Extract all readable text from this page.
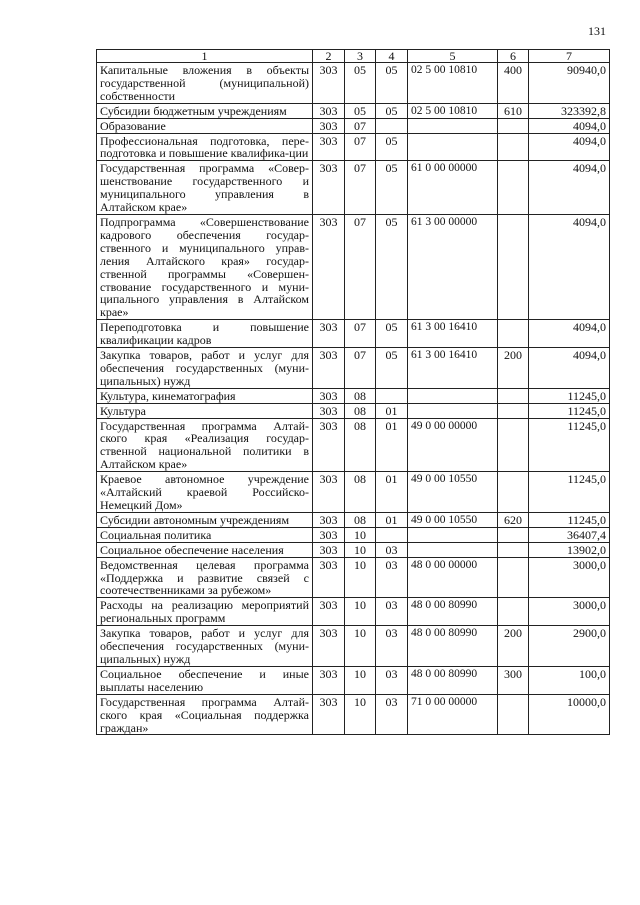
131
1	2	3	4	5	6	7
Капитальные вложения в объекты государственной (муниципальной) собственности	303	05	05	02 5 00 10810	400	90940,0
Субсидии бюджетным учреждениям	303	05	05	02 5 00 10810	610	323392,8
Образование	303	07				4094,0
Профессиональная подготовка, пере-подготовка и повышение квалифика-ции	303	07	05			4094,0
Государственная программа «Совер-шенствование государственного и муниципального управления в Алтайском крае»	303	07	05	61 0 00 00000		4094,0
Подпрограмма «Совершенствование кадрового обеспечения государ-ственного и муниципального управ-ления Алтайского края» государ-ственной программы «Совершен-ствование государственного и муни-ципального управления в Алтайском крае»	303	07	05	61 3 00 00000		4094,0
Переподготовка и повышение квалификации кадров	303	07	05	61 3 00 16410		4094,0
Закупка товаров, работ и услуг для обеспечения государственных (муни-ципальных) нужд	303	07	05	61 3 00 16410	200	4094,0
Культура, кинематография	303	08				11245,0
Культура	303	08	01			11245,0
Государственная программа Алтай-ского края «Реализация государ-ственной национальной политики в Алтайском крае»	303	08	01	49 0 00 00000		11245,0
Краевое автономное учреждение «Алтайский краевой Российско-Немецкий Дом»	303	08	01	49 0 00 10550		11245,0
Субсидии автономным учреждениям	303	08	01	49 0 00 10550	620	11245,0
Социальная политика	303	10				36407,4
Социальное обеспечение населения	303	10	03			13902,0
Ведомственная целевая программа «Поддержка и развитие связей с соотечественниками за рубежом»	303	10	03	48 0 00 00000		3000,0
Расходы на реализацию мероприятий региональных программ	303	10	03	48 0 00 80990		3000,0
Закупка товаров, работ и услуг для обеспечения государственных (муни-ципальных) нужд	303	10	03	48 0 00 80990	200	2900,0
Социальное обеспечение и иные выплаты населению	303	10	03	48 0 00 80990	300	100,0
Государственная программа Алтай-ского края «Социальная поддержка граждан»	303	10	03	71 0 00 00000		10000,0
